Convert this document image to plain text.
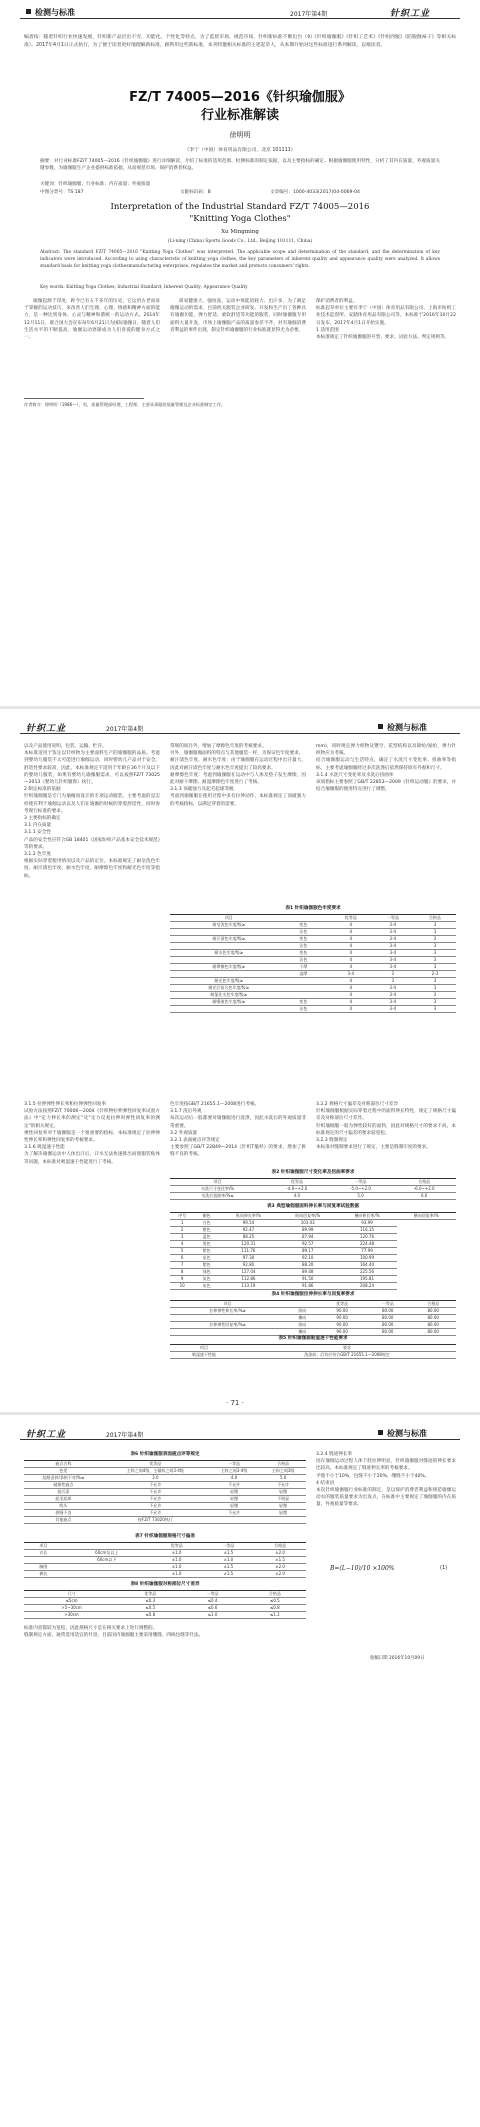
检测与标准	2017年第4期	针织工业
编者按：随着针织行业快速发展，针织新产品层出不穷，功能化、个性化等特点，为了监督市场，规范市场，针织新标准不断出台（如《针织瑜伽服》《针织工艺术》《针织西服》《防脱散袜子》等相关标准）。2017年4月1日正式执行，为了便于读者更好地理解新标准，跟利用这些新标准，本刊特邀相关标准的主笔起草人，从本期开始对这些标准进行系列解读，以飨读者。
FZ/T 74005—2016《针织瑜伽服》
行业标准解读
徐明明
（李宁（中国）体育用品有限公司，北京 101111）
摘要：对行业标准FZ/T 74005—2016《针织瑜伽服》进行详细解读，介绍了标准的适用范围、检测标准的制定依据，以及主要指标的确定。根据瑜伽服使用特性，分析了其内在质量、外观质量关键参数，为瑜伽服生产企业提供标准依据，从而规范市场，保护消费者权益。
关键词：针织瑜伽服；行业标准；内在质量；外观质量
中图分类号：TS 187	文献标识码：B	文章编号：1000-4033(2017)04-0069-04
Interpretation of the Industrial Standard FZ/T 74005—2016
"Knitting Yoga Clothes"
Xu Mingming
(Li-ning (China) Sports Goods Co., Ltd., Beijing 101111, China)
Abstract: The standard FZ/T 74005—2016 "Knitting Yoga Clothes" was interpreted. The applicable scope and determination of the standard, and the determination of key indicators were introduced. According to using characteristic of knitting yoga clothes, the key parameters of inherent quality and appearance quality were analyzed. It allows standard basis for knitting yoga clothesmanufacturing enterprises, regulates the market and protects consumers' rights.
Key words: Knitting Yoga Clothes; Industrial Standard; Inherent Quality; Appearance Quality
瑜伽起源于印度，距今已有五千多年的历史，它运用古老而易于掌握的运动技巧，来改善人们生理、心理、情感和精神方面的能力，是一种达到身体、心灵与精神和谐统一的运动方式。2014年12月11日，联合国大会宣布每年6月21日为国际瑜伽日，随着人们生活水平的不断提高，瑜伽运动逐渐成为人们喜爱的健身方式之一。
简易健康大，强度高，运动中体能消耗大、出汗多，为了满足瑜伽运动的需求，目前机关服装企业研发、开发和生产出了各种具有瑜伽功能、弹力舒适、柔软舒适等功能的服装，同时瑜伽服专用面料大量开发，市场上瑜伽服产品的质量参差不齐，对有瑜伽消费者利益的事件出现，制定针织瑜伽服的行业标准就显得尤为必要。
保护消费者的利益。
标准起草单位主要有李宁（中国）体育用品有限公司、上海市纺织工业技术监督所、安踏体育用品有限公司等，本标准于2016年10月22日发布，2017年4月1日开始实施。
1 适用范围
本标准规定了针织瑜伽服的号型、要求、试验方法、判定规则等。
作者简介：徐明明（1986—），男，质量管理部经理，工程师，主要从事服装质量管理及企业标准制定工作。
针织工业	2017年第4期	检测与标准
以及产品使用说明、包装、运输、贮存。
本标准适用于鉴定以针织物为主要面料生产的瑜伽服的品质。考虑到婴幼儿服装不太可能进行瑜伽运动，同时婴幼儿产品对于安全、舒适性要求较高，因此，本标准规定不适用于年龄在36个月及以下的婴幼儿服装，如果有婴幼儿瑜伽服需求，可以按照FZ/T 73025—2013《婴幼儿针织服饰》执行。
2 制定标准的依据
针织瑜伽服是专门为瑜伽而设计的专项运动服装，主要考虑的是怎样使有利于瑜伽运动以及人们在瑜伽的时候的穿着舒适性，同时参考现行标准的要求。
3 主要指标的确定
3.1 内在质量
3.1.1 安全性
产品的安全性应符合GB 18401《国家纺织产品基本安全技术规范》等的要求。
3.1.2 色牢度
根据实际穿着使用情况以及产品的定位，本标准规定了耐皂洗色牢度、耐汗渍色牢度、耐水色牢度、耐摩擦色牢度和耐光色牢度等指标。
常规的项目外，增加了摩擦色牢度的考核要求。
另外，瑜伽服做面料的特点与其他服装一样，为保证色牢度要求。
耐汗渍色牢度、耐水色牢度：由于瑜伽服在运动过程中出汗量大，因此对耐汗渍色牢度与耐水色牢度提出了较高要求。
耐摩擦色牢度：考虑到瑜伽服在运动中与人体及垫子发生摩擦，因此对耐干摩擦、耐湿摩擦色牢度进行了考核。
3.1.3 顶破强力及起毛起球等级
考虑到瑜伽服在使用过程中多有拉伸动作，本标准规定了顶破强力的考核指标，以满足穿着的需要。
mm)，同时规定弹力织物及镂空、花型结构以及锦纶/氨纶、弹力针织物应为考核。
结合瑜伽服运动与生活特点，确定了水洗尺寸变化率、扭曲率等指标，主要考虑瑜伽服经过多次洗涤后依然保持原有外观和尺寸。
3.1.4 水洗尺寸变化率及水洗后扭曲率
该项指标主要参照了GB/T 22853—2009《针织运动服》的要求，并结合瑜伽服的使用特点进行了调整。
表1 针织瑜伽服色牢度要求
项目			优等品	一等品	合格品
耐皂洗色牢度/级≥	变色		4	3-4	3
	沾色		4	3-4	3
耐汗渍色牢度/级≥	变色		4	3-4	3
	沾色		4	3-4	3
耐水色牢度/级≥	变色		4	3-4	3
	沾色		4	3-4	3
耐摩擦色牢度/级≥	干摩		4	3-4	3
	湿摩		3-4	3	2-3
耐光色牢度/级≥			4	3	3
耐光汗复合色牢度/级≥			4	3-4	3
耐氯化水色牢度/级≥			4	3-4	3
耐唾液色牢度/级≥	变色		4	3-4	3
	沾色		4	3-4	3
3.1.5 拉伸弹性伸长率和拉伸弹性回复率
试验方法按照FZ/T 70006—2004《针织物拉伸弹性回复率试验方法》中"定力伸长率的测定"及"定力反复拉伸时弹性回复率的测定"的相关规定。
弹性回复率对于瑜伽服是一个很重要的指标，本标准规定了拉伸弹性伸长率和弹性回复率的考核要求。
3.1.6 吸湿速干性能
为了解决瑜伽运动中人体出汗后，汗水无法快速排出而使服装贴体等问题，本标准对吸湿速干性能进行了考核。
色牢度按GB/T 21655.1—2008进行考核。
3.1.7 洗后外观
每次运动后一般都要对瑜伽服进行洗涤，因此水洗后的外观质量非常重要。
3.2 外观质量
3.2.1 表面疵点评等规定
主要参照了GB/T 22849—2014《针织T恤衫》的要求，增加了拼缝不良的考核。
3.2.2 规格尺寸偏差及对称部位尺寸差异
针织瑜伽服根据实际穿着过程中的面料伸长特性，规定了规格尺寸偏差及对称部位尺寸差异。
针织瑜伽服一般为弹性较好的面料，因此对规格尺寸的要求不高，本标准规定的尺寸偏差的要求较宽松。
3.2.3 缝制规定
本标准对缝制要求进行了规定，主要是缝制牢度的要求。
表2 针织瑜伽服尺寸变化率及扭曲率要求
项目	优等品	一等品	合格品
水洗尺寸变化率/%	-4.0~+2.0	-5.0~+2.0	-6.0~+2.0
水洗后扭曲率/%≤	4.0	5.0	6.0
表3 典型瑜伽服面料伸长率与回复率试验数据
序号	颜色	纵向伸长率/%	纵向回复率/%	横向伸长率/%	横向回复率/%
1	白色	99.54	103.03	93.99	
2	橙色	92.47	89.99	116.15	
3	蓝色	88.25	87.94	120.76	
4	黑色	120.31	92.57	224.48	
5	紫色	111.76	89.17	77.99	
6	灰色	97.30	92.10	100.99	
7	紫色	92.80	88.20	164.40	
8	绿色	127.04	89.48	225.56	
9	灰色	112.86	91.50	195.81	
10	灰色	113.19	91.86	208.24	
表4 针织瑜伽服拉伸伸长率与回复率要求
项目		优等品	一等品	合格品
拉伸弹性伸长率/%≥	纵向	90.00	80.00	80.00
	横向	90.00	80.00	80.00
拉伸弹性回复率/%≥	纵向	90.00	80.00	80.00
	横向	90.00	80.00	80.00
表5 针织瑜伽服吸湿速干性能要求
项目	要求
吸湿速干性能	洗涤前、后均应符合GB/T 21655.1—2008规定
· 71 ·
针织工业	2017年第4期	检测与标准
表6 针织瑜伽服表面疵点评等规定
疵点名称	优等品	一等品	合格品
色差	主料之间4级，主辅料之间3-4级	主料之间3-4级	主料之间3级
纹路歪斜/条格不对/%≤	3.0	4.0	5.0
破损性疵点	不允许	不允许	不允许
油污渍	不允许	轻微	轻微
起毛起球	不允许	轻微	不明显
线头	不允许	轻微	轻微
拼缝不良	不允许	不允许	轻微
其他疵点	按FZ/T 73020执行		
表7 针织瑜伽服规格尺寸偏差
项目		优等品	一等品	合格品
衣长	60cm及以上	±1.0	±1.5	±2.0
	60cm以下	±1.0	±1.0	±1.5
胸围		±1.0	±1.5	±2.0
裤长		±1.0	±1.5	±2.0
表8 针织瑜伽服对称部位尺寸差异
尺寸	优等品	一等品	合格品
≤5cm	≤0.3	≤0.4	≤0.5
>5~30cm	≤0.5	≤0.6	≤0.8
>30cm	≤0.8	≤1.0	≤1.2
标准内容都较为宽松，因此规格尺寸是在相关要求上进行调整的。
缝制规定方面，通常选用适宜的针迹，目前国内瑜伽服主要采用绷缝、四线包缝等针法。
3.2.4 缝迹伸长率
因在瑜伽运动过程人体下肢拉伸明显，针织瑜伽服对缝迹的伸长要求比较高，本标准规定了缝迹伸长率的考核要求。
平缝不小于10%，包缝不小于20%，绷缝不小于40%。
4 结束语
本次针织瑜伽服行业标准的制定，是以保护消费者利益和规范瑜伽运动衣的服装质量要求为出发点，在标准中主要规定了瑜伽服的内在质量、外观质量等要求。
B=(L−10)/10 ×100%	(1)
收稿日期 2016年10月09日
